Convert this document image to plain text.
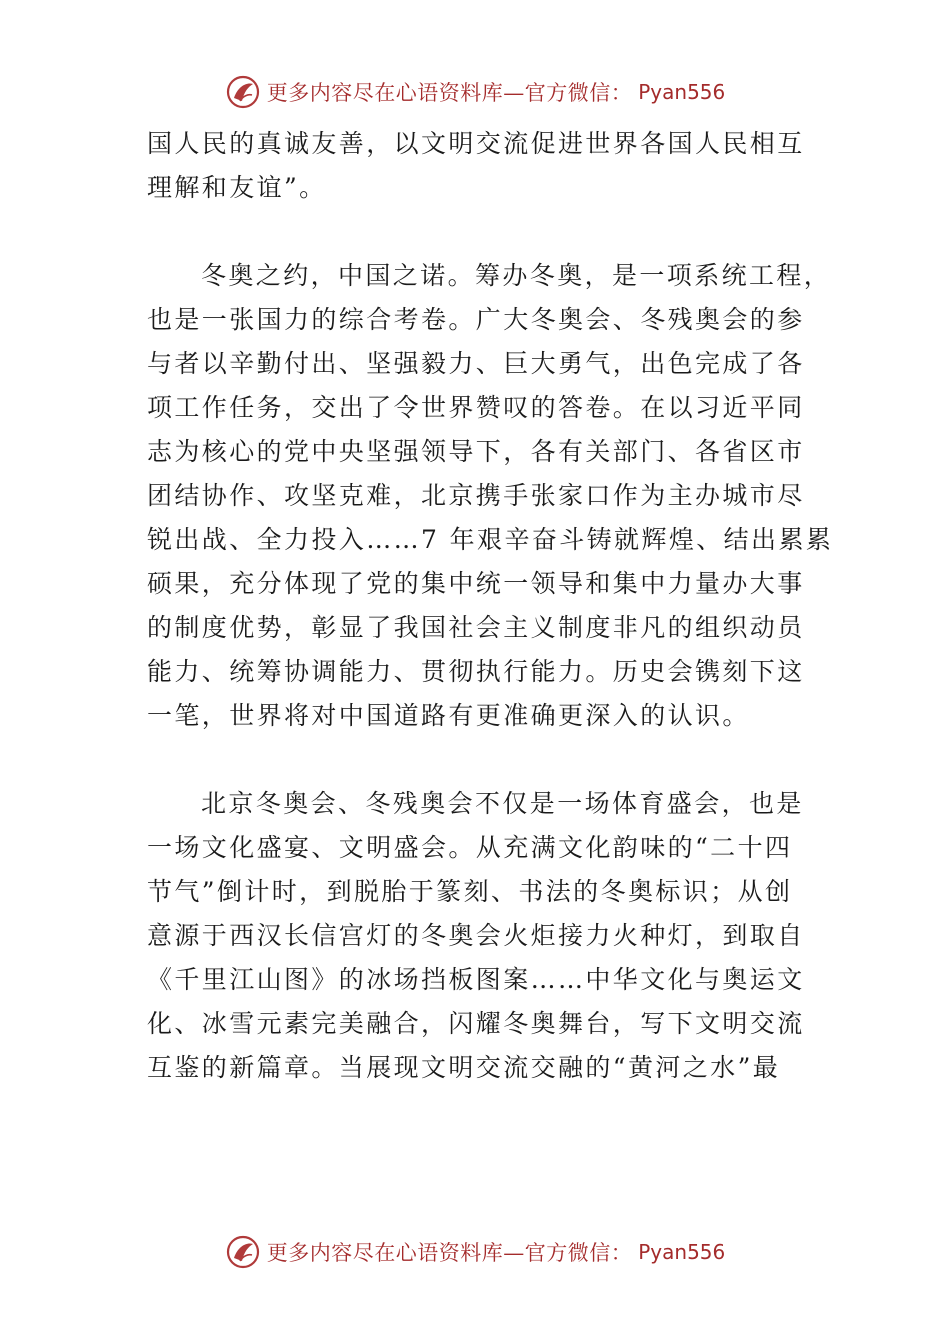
更多内容尽在心语资料库—官方微信： Pyan556
国人民的真诚友善，以文明交流促进世界各国人民相互
理解和友谊”。
冬奥之约，中国之诺。筹办冬奥，是一项系统工程，
也是一张国力的综合考卷。广大冬奥会、冬残奥会的参
与者以辛勤付出、坚强毅力、巨大勇气，出色完成了各
项工作任务，交出了令世界赞叹的答卷。在以习近平同
志为核心的党中央坚强领导下，各有关部门、各省区市
团结协作、攻坚克难，北京携手张家口作为主办城市尽
锐出战、全力投入……7 年艰辛奋斗铸就辉煌、结出累累
硕果，充分体现了党的集中统一领导和集中力量办大事
的制度优势，彰显了我国社会主义制度非凡的组织动员
能力、统筹协调能力、贯彻执行能力。历史会镌刻下这
一笔，世界将对中国道路有更准确更深入的认识。
北京冬奥会、冬残奥会不仅是一场体育盛会，也是
一场文化盛宴、文明盛会。从充满文化韵味的“二十四
节气”倒计时，到脱胎于篆刻、书法的冬奥标识；从创
意源于西汉长信宫灯的冬奥会火炬接力火种灯，到取自
《千里江山图》的冰场挡板图案……中华文化与奥运文
化、冰雪元素完美融合，闪耀冬奥舞台，写下文明交流
互鉴的新篇章。当展现文明交流交融的“黄河之水”最
更多内容尽在心语资料库—官方微信： Pyan556
